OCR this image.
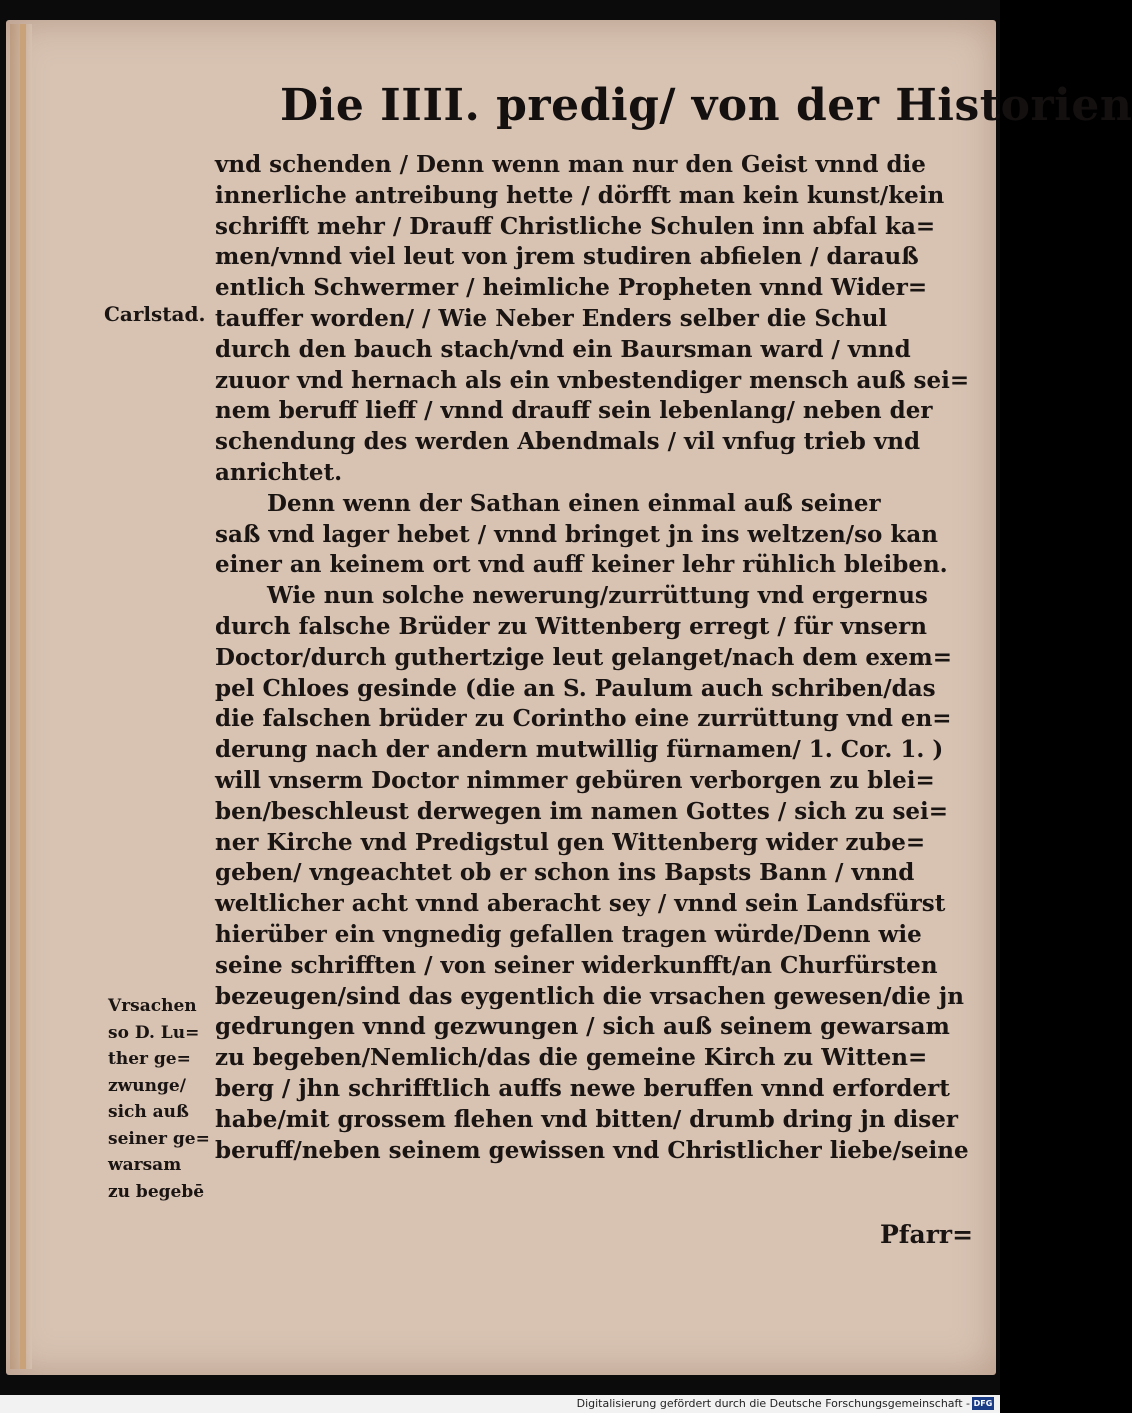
Die IIII. predig/ von der Historien
Carlstad.
Vrsachen
so D. Lu=
ther ge=
zwunge/
sich auß
seiner ge=
warsam
zu begebē
vnd schenden / Denn wenn man nur den Geist vnnd die
innerliche antreibung hette / dörfft man kein kunst/kein
schrifft mehr / Drauff Christliche Schulen inn abfal ka=
men/vnnd viel leut von jrem studiren abfielen / darauß
entlich Schwermer / heimliche Propheten vnnd Wider=
tauffer worden/ / Wie Neber Enders selber die Schul
durch den bauch stach/vnd ein Baursman ward / vnnd
zuuor vnd hernach als ein vnbestendiger mensch auß sei=
nem beruff lieff / vnnd drauff sein lebenlang/ neben der
schendung des werden Abendmals / vil vnfug trieb vnd
anrichtet.
Denn wenn der Sathan einen einmal auß seiner
saß vnd lager hebet / vnnd bringet jn ins weltzen/so kan
einer an keinem ort vnd auff keiner lehr rühlich bleiben.
Wie nun solche newerung/zurrüttung vnd ergernus
durch falsche Brüder zu Wittenberg erregt / für vnsern
Doctor/durch guthertzige leut gelanget/nach dem exem=
pel Chloes gesinde (die an S. Paulum auch schriben/das
die falschen brüder zu Corintho eine zurrüttung vnd en=
derung nach der andern mutwillig fürnamen/ 1. Cor. 1. )
will vnserm Doctor nimmer gebüren verborgen zu blei=
ben/beschleust derwegen im namen Gottes / sich zu sei=
ner Kirche vnd Predigstul gen Wittenberg wider zube=
geben/ vngeachtet ob er schon ins Bapsts Bann / vnnd
weltlicher acht vnnd aberacht sey / vnnd sein Landsfürst
hierüber ein vngnedig gefallen tragen würde/Denn wie
seine schrifften / von seiner widerkunfft/an Churfürsten
bezeugen/sind das eygentlich die vrsachen gewesen/die jn
gedrungen vnnd gezwungen / sich auß seinem gewarsam
zu begeben/Nemlich/das die gemeine Kirch zu Witten=
berg / jhn schrifftlich auffs newe beruffen vnnd erfordert
habe/mit grossem flehen vnd bitten/ drumb dring jn diser
beruff/neben seinem gewissen vnd Christlicher liebe/seine
Pfarr=
Digitalisierung gefördert durch die Deutsche Forschungsgemeinschaft - DFG
